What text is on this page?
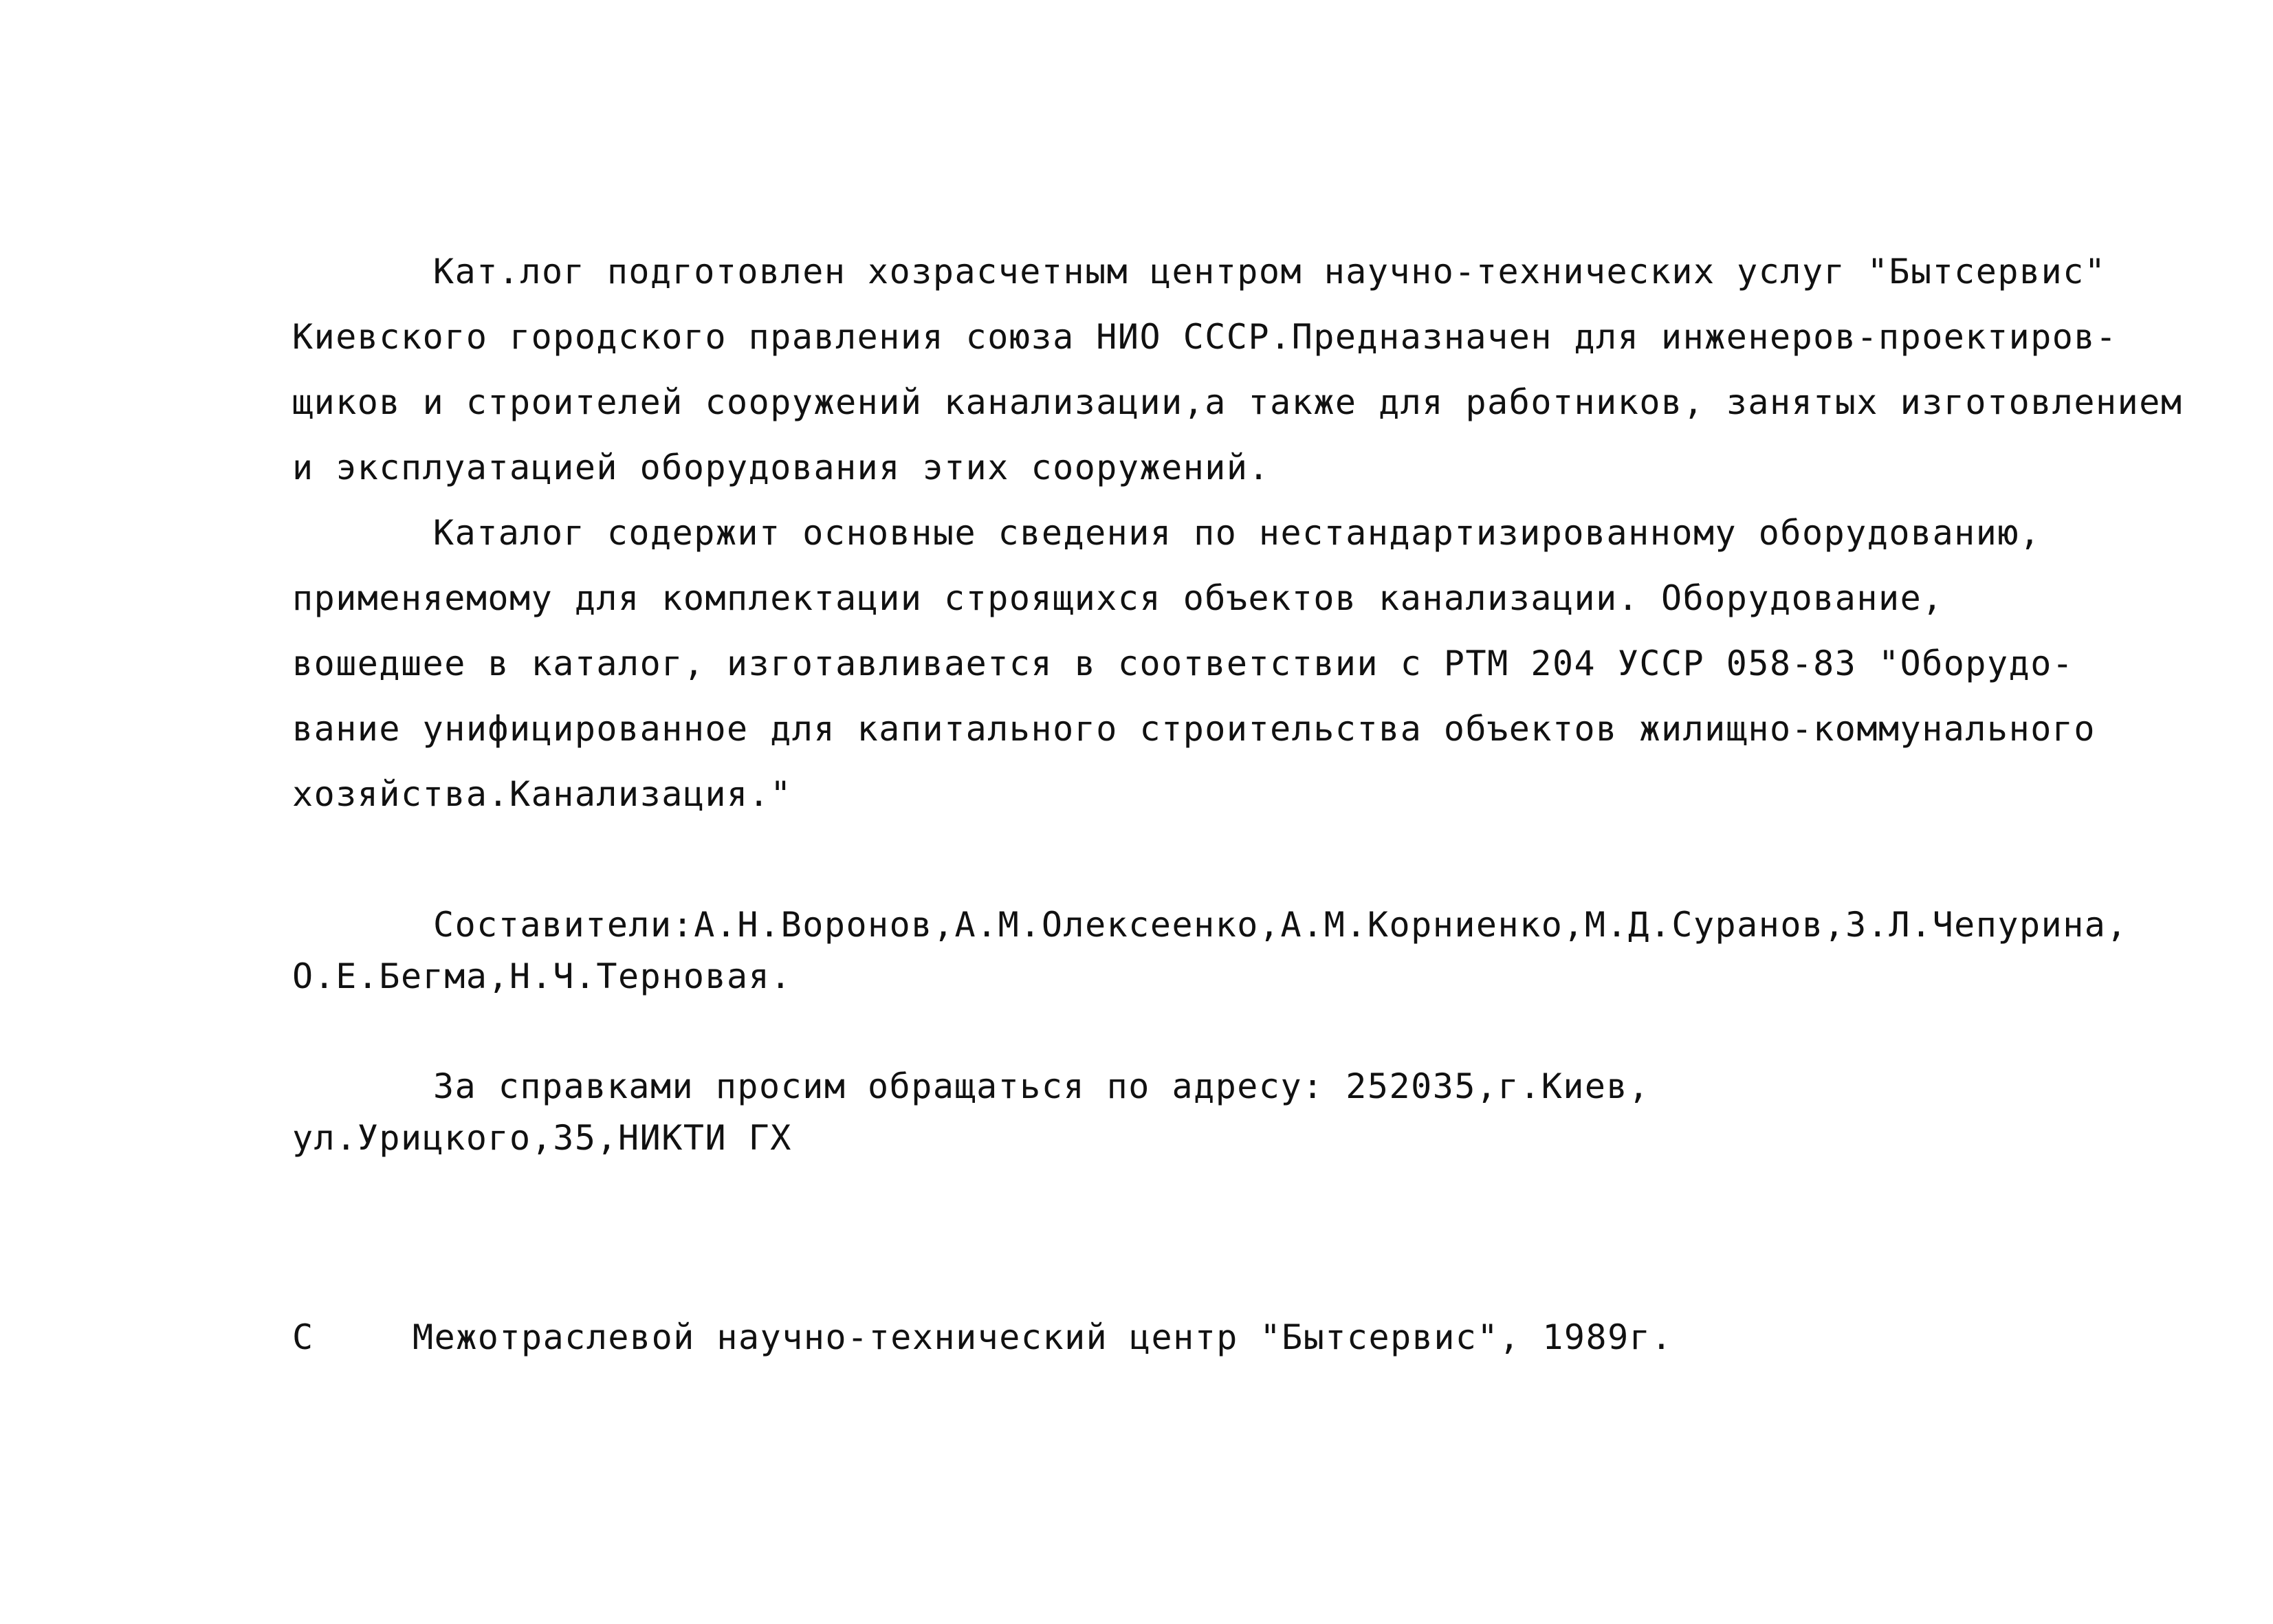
Кат.лог подготовлен хозрасчетным центром научно-технических услуг "Бытсервис"
Киевского городского правления союза НИО СССР.Предназначен для инженеров-проектиров-
щиков и строителей сооружений канализации,а также для работников, занятых изготовлением
и эксплуатацией оборудования этих сооружений.
Каталог содержит основные сведения по нестандартизированному оборудованию,
применяемому для комплектации строящихся объектов канализации. Оборудование,
вошедшее в каталог, изготавливается в соответствии с РТМ 204 УССР 058-83 "Оборудо-
вание унифицированное для капитального строительства объектов жилищно-коммунального
хозяйства.Канализация."
Составители:А.Н.Воронов,А.М.Олексеенко,А.М.Корниенко,М.Д.Суранов,З.Л.Чепурина,
О.Е.Бегма,Н.Ч.Терновая.
За справками просим обращаться по адресу: 252035,г.Киев,
ул.Урицкого,35,НИКТИ ГХ
С	Межотраслевой научно-технический центр "Бытсервис", 1989г.
